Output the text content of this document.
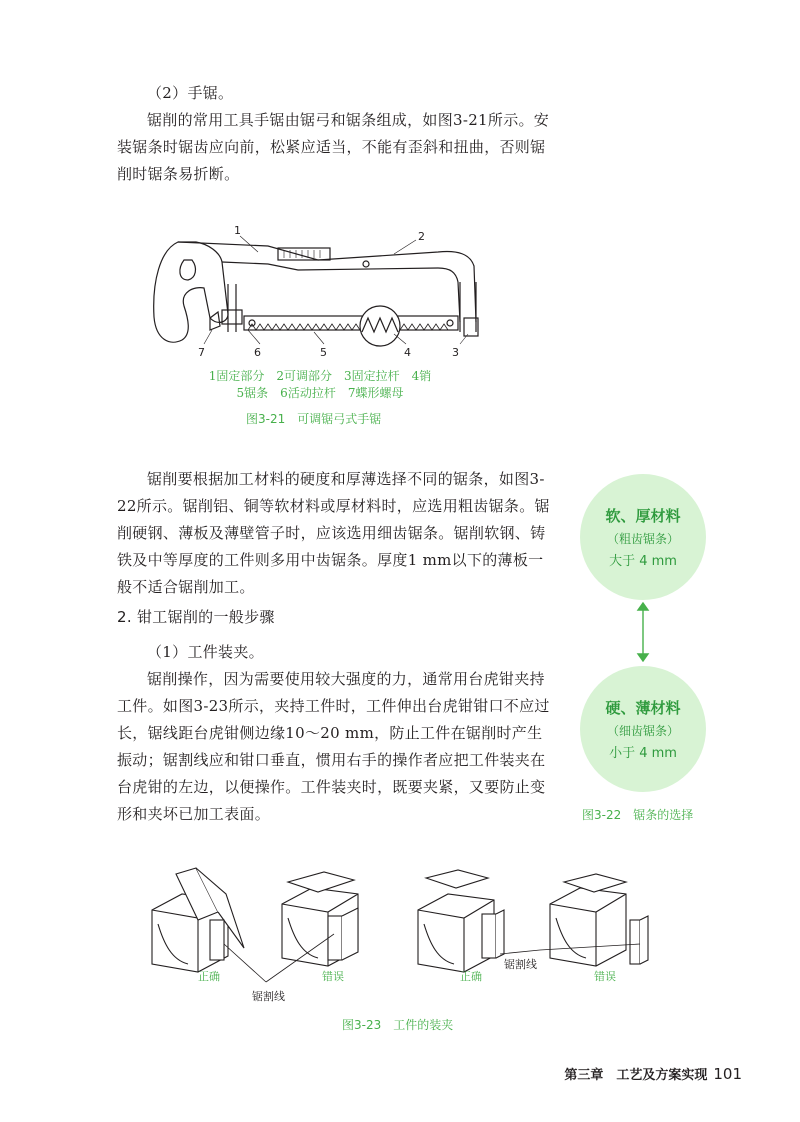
（2）手锯。

锯削的常用工具手锯由锯弓和锯条组成，如图3-21所示。安装锯条时锯齿应向前，松紧应适当，不能有歪斜和扭曲，否则锯削时锯条易折断。

1	2
3
4
5
6
7
1固定部分　2可调部分　3固定拉杆　4销
5锯条　6活动拉杆　7蝶形螺母
图3-21　可调锯弓式手锯

锯削要根据加工材料的硬度和厚薄选择不同的锯条，如图3-22所示。锯削铝、铜等软材料或厚材料时，应选用粗齿锯条。锯削硬钢、薄板及薄壁管子时，应该选用细齿锯条。锯削软钢、铸铁及中等厚度的工件则多用中齿锯条。厚度1 mm以下的薄板一般不适合锯削加工。

软、厚材料
（粗齿锯条）
大于 4 mm
硬、薄材料
（细齿锯条）
小于 4 mm
图3-22　锯条的选择

2. 钳工锯削的一般步骤

（1）工件装夹。

锯削操作，因为需要使用较大强度的力，通常用台虎钳夹持工件。如图3-23所示，夹持工件时，工件伸出台虎钳钳口不应过长，锯线距台虎钳侧边缘10～20 mm，防止工件在锯削时产生振动；锯割线应和钳口垂直，惯用右手的操作者应把工件装夹在台虎钳的左边，以便操作。工件装夹时，既要夹紧，又要防止变形和夹坏已加工表面。

正确	错误	正确	错误
锯割线
锯割线
图3-23　工件的装夹
第三章　工艺及方案实现 101
